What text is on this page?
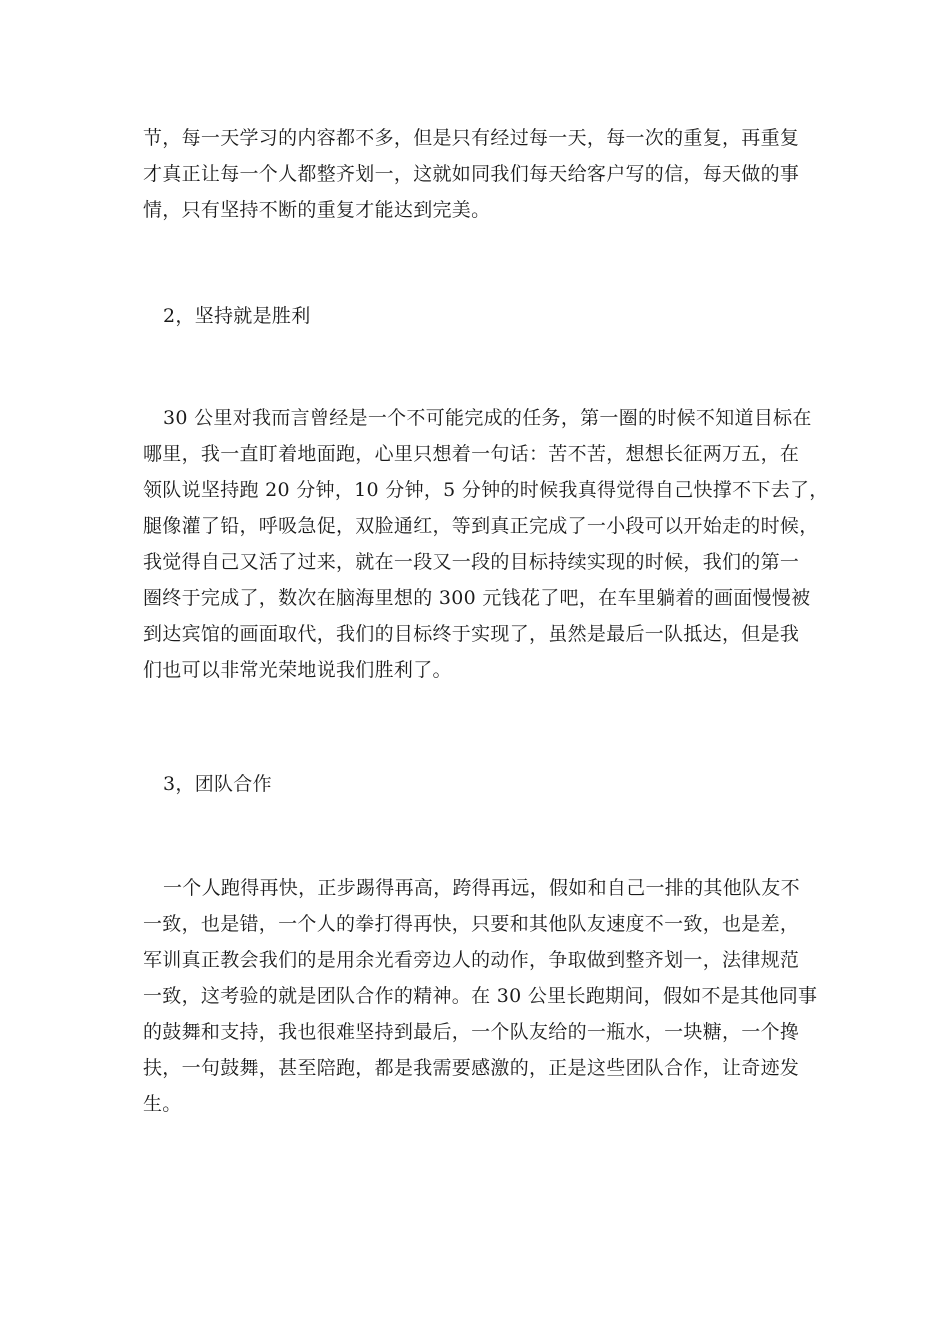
节，每一天学习的内容都不多，但是只有经过每一天，每一次的重复，再重复
才真正让每一个人都整齐划一，这就如同我们每天给客户写的信，每天做的事
情，只有坚持不断的重复才能达到完美。
2，坚持就是胜利
30 公里对我而言曾经是一个不可能完成的任务，第一圈的时候不知道目标在
哪里，我一直盯着地面跑，心里只想着一句话：苦不苦，想想长征两万五，在
领队说坚持跑 20 分钟，10 分钟，5 分钟的时候我真得觉得自己快撑不下去了，
腿像灌了铅，呼吸急促，双脸通红，等到真正完成了一小段可以开始走的时候，
我觉得自己又活了过来，就在一段又一段的目标持续实现的时候，我们的第一
圈终于完成了，数次在脑海里想的 300 元钱花了吧，在车里躺着的画面慢慢被
到达宾馆的画面取代，我们的目标终于实现了，虽然是最后一队抵达，但是我
们也可以非常光荣地说我们胜利了。
3，团队合作
一个人跑得再快，正步踢得再高，跨得再远，假如和自己一排的其他队友不
一致，也是错，一个人的拳打得再快，只要和其他队友速度不一致，也是差，
军训真正教会我们的是用余光看旁边人的动作，争取做到整齐划一，法律规范
一致，这考验的就是团队合作的精神。在 30 公里长跑期间，假如不是其他同事
的鼓舞和支持，我也很难坚持到最后，一个队友给的一瓶水，一块糖，一个搀
扶，一句鼓舞，甚至陪跑，都是我需要感激的，正是这些团队合作，让奇迹发
生。
